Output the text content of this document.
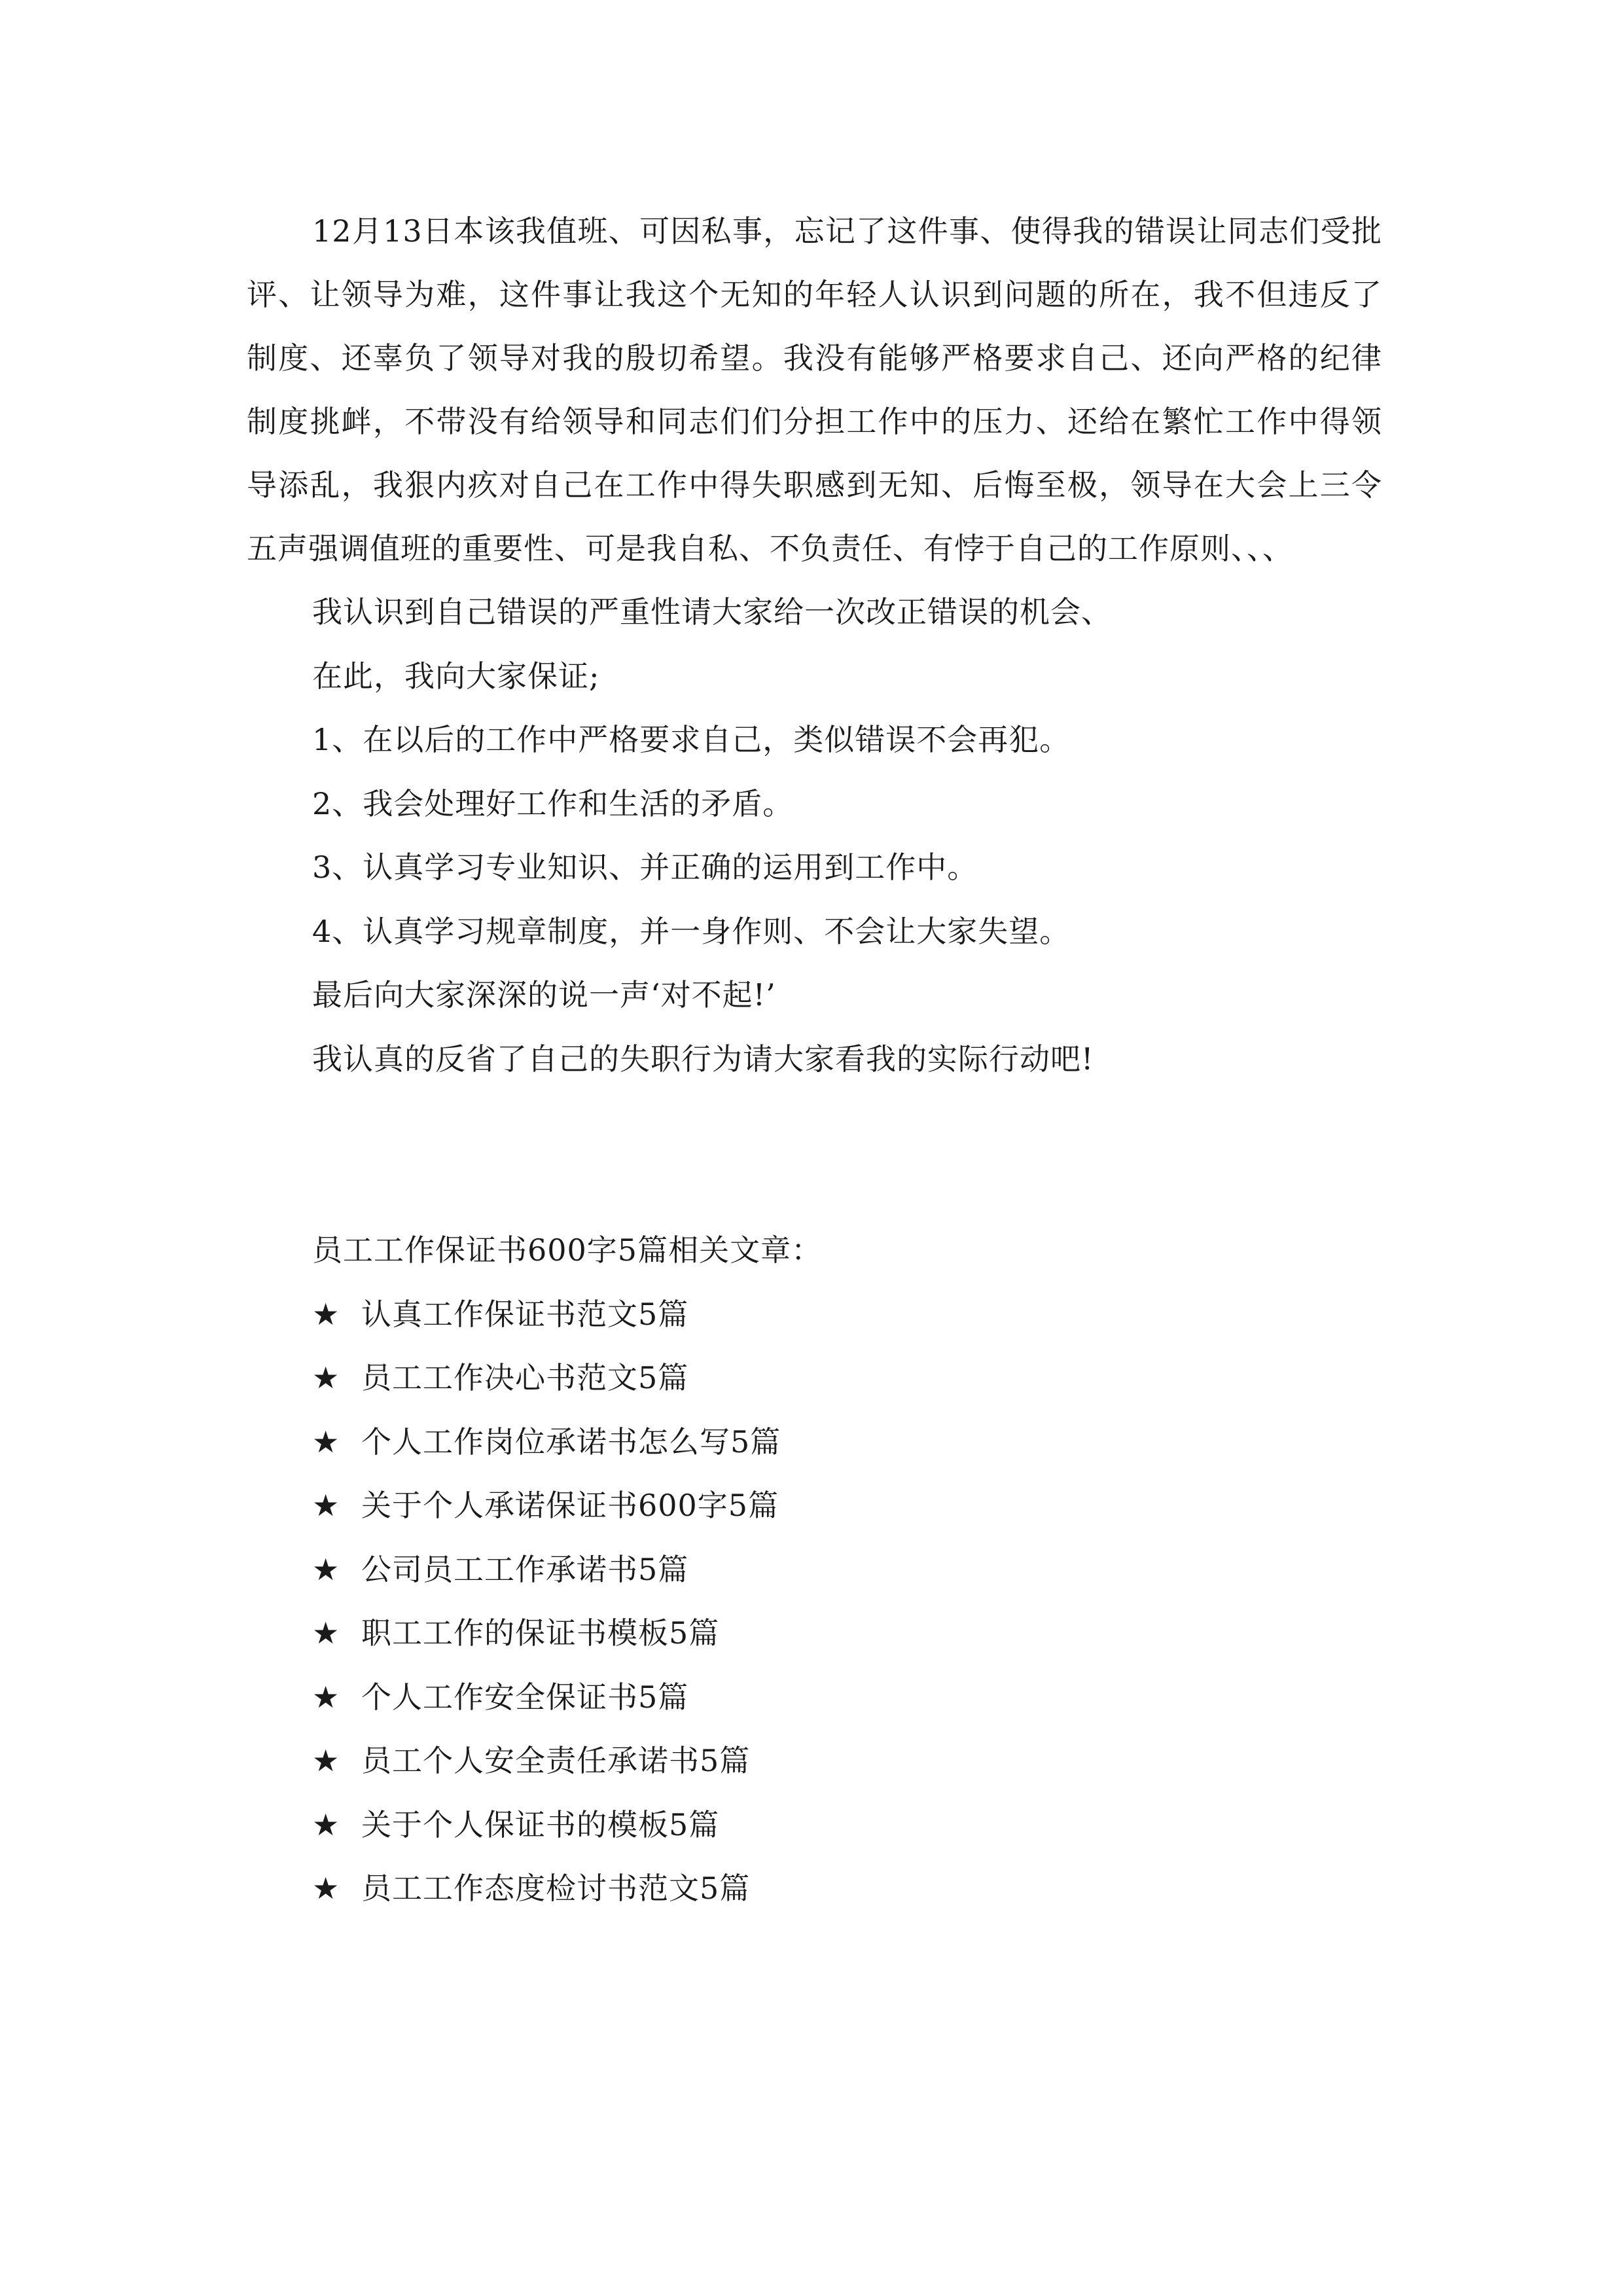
12月13日本该我值班、可因私事，忘记了这件事、使得我的错误让同志们受批评、让领导为难，这件事让我这个无知的年轻人认识到问题的所在，我不但违反了制度、还辜负了领导对我的殷切希望。我没有能够严格要求自己、还向严格的纪律制度挑衅，不带没有给领导和同志们们分担工作中的压力、还给在繁忙工作中得领导添乱，我狠内疚对自己在工作中得失职感到无知、后悔至极，领导在大会上三令五声强调值班的重要性、可是我自私、不负责任、有悖于自己的工作原则、、、

我认识到自己错误的严重性请大家给一次改正错误的机会、

在此，我向大家保证;

1、在以后的工作中严格要求自己，类似错误不会再犯。

2、我会处理好工作和生活的矛盾。

3、认真学习专业知识、并正确的运用到工作中。

4、认真学习规章制度，并一身作则、不会让大家失望。

最后向大家深深的说一声‘对不起!’

我认真的反省了自己的失职行为请大家看我的实际行动吧!

员工工作保证书600字5篇相关文章：

★ 认真工作保证书范文5篇
★ 员工工作决心书范文5篇
★ 个人工作岗位承诺书怎么写5篇
★ 关于个人承诺保证书600字5篇
★ 公司员工工作承诺书5篇
★ 职工工作的保证书模板5篇
★ 个人工作安全保证书5篇
★ 员工个人安全责任承诺书5篇
★ 关于个人保证书的模板5篇
★ 员工工作态度检讨书范文5篇
